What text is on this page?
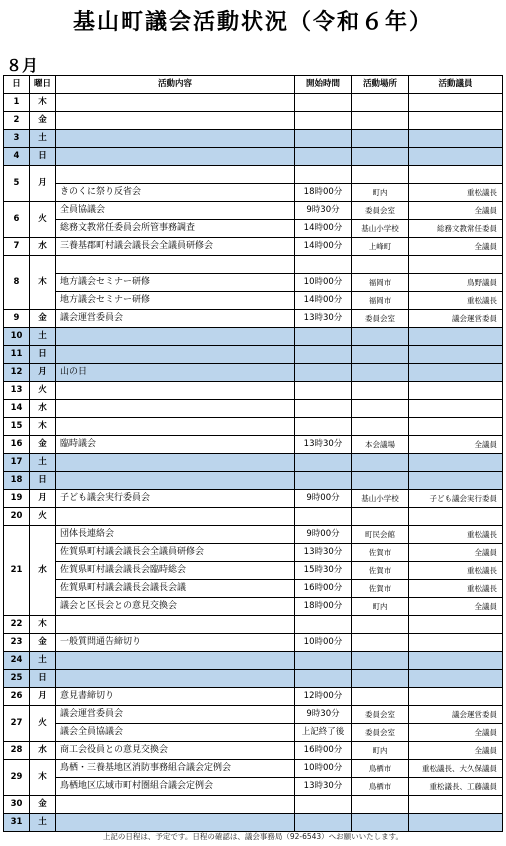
基山町議会活動状況（令和６年）
８月
日	曜日	活動内容	開始時間	活動場所	活動議員
1	木				
2	金				
3	土				
4	日				
5	月				
		きのくに祭り反省会	18時00分	町内	重松議長
6	火	全員協議会	9時30分	委員会室	全議員
		総務文教常任委員会所管事務調査	14時00分	基山小学校	総務文教常任委員
7	水	三養基郡町村議会議長会全議員研修会	14時00分	上峰町	全議員
8	木				
		地方議会セミナー研修	10時00分	福岡市	鳥野議員
		地方議会セミナー研修	14時00分	福岡市	重松議長
9	金	議会運営委員会	13時30分	委員会室	議会運営委員
10	土				
11	日				
12	月	山の日			
13	火				
14	水				
15	木				
16	金	臨時議会	13時30分	本会議場	全議員
17	土				
18	日				
19	月	子ども議会実行委員会	9時00分	基山小学校	子ども議会実行委員
20	火				
21	水	団体長連絡会	9時00分	町民会館	重松議長
		佐賀県町村議会議長会全議員研修会	13時30分	佐賀市	全議員
		佐賀県町村議会議長会臨時総会	15時30分	佐賀市	重松議長
		佐賀県町村議会議長会議長会議	16時00分	佐賀市	重松議長
		議会と区長会との意見交換会	18時00分	町内	全議員
22	木				
23	金	一般質問通告締切り	10時00分		
24	土				
25	日				
26	月	意見書締切り	12時00分		
27	火	議会運営委員会	9時30分	委員会室	議会運営委員
		議会全員協議会	上記終了後	委員会室	全議員
28	水	商工会役員との意見交換会	16時00分	町内	全議員
29	木	鳥栖・三養基地区消防事務組合議会定例会	10時00分	鳥栖市	重松議長、大久保議員
		鳥栖地区広域市町村圏組合議会定例会	13時30分	鳥栖市	重松議長、工藤議員
30	金				
31	土				
上記の日程は、予定です。日程の確認は、議会事務局（92-6543）へお願いいたします。
